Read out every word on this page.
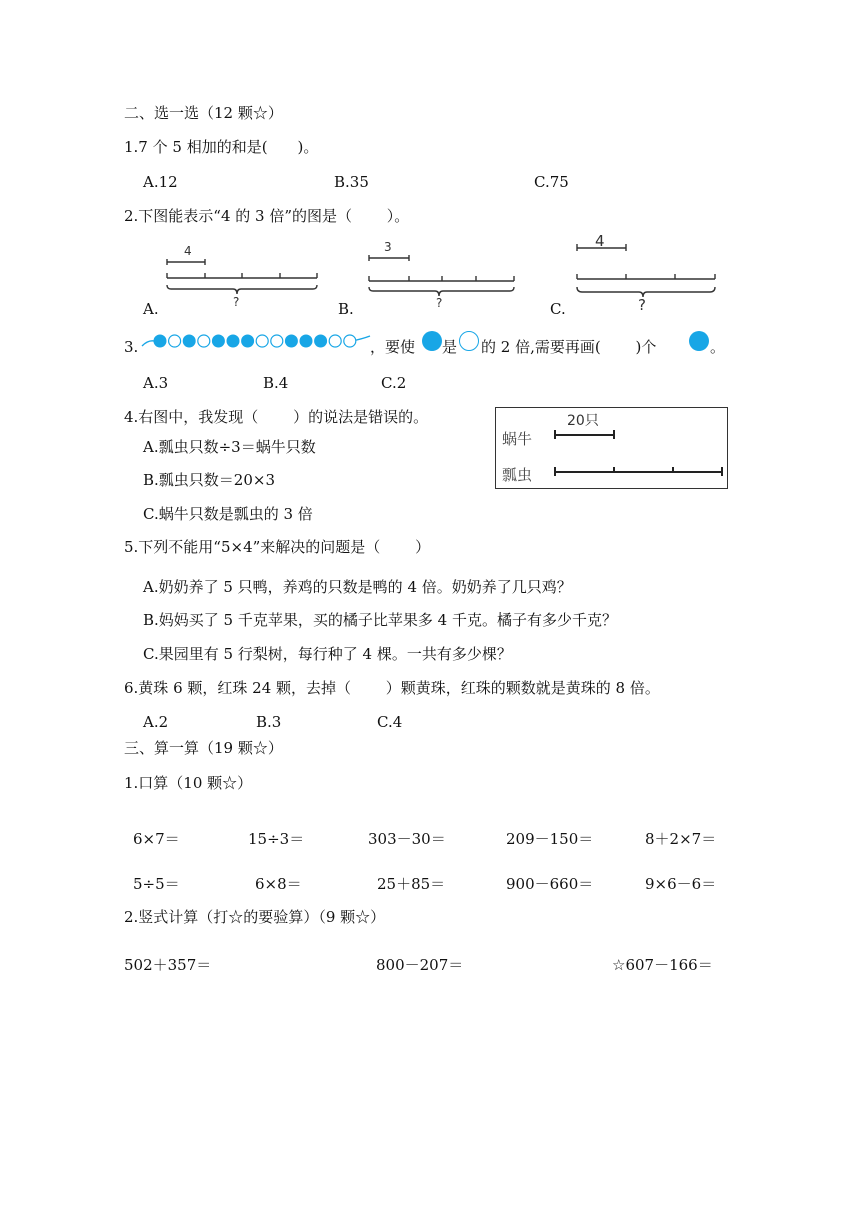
二、选一选（12 颗☆）
1.7 个 5 相加的和是(　　)。
A.12	B.35	C.75
2.下图能表示“4 的 3 倍”的图是（　　 ）。
4
?
3
?
4
?
A.	B.	C.
3.	，要使 是 的 2 倍,需要再画(　　 )个	。
A.3	B.4	C.2
4.右图中，我发现（　　 ）的说法是错误的。
A.瓢虫只数÷3＝蜗牛只数
B.瓢虫只数＝20×3
C.蜗牛只数是瓢虫的 3 倍
蜗牛
瓢虫
20只
5.下列不能用“5×4”来解决的问题是（　　 ）
A.奶奶养了 5 只鸭，养鸡的只数是鸭的 4 倍。奶奶养了几只鸡？
B.妈妈买了 5 千克苹果，买的橘子比苹果多 4 千克。橘子有多少千克？
C.果园里有 5 行梨树，每行种了 4 棵。一共有多少棵？
6.黄珠 6 颗，红珠 24 颗，去掉（　　 ）颗黄珠，红珠的颗数就是黄珠的 8 倍。
A.2	B.3	C.4
三、算一算（19 颗☆）
1.口算（10 颗☆）
6×7＝	15÷3＝	303－30＝	209－150＝	8＋2×7＝
5÷5＝	6×8＝	25＋85＝	900－660＝	9×6－6＝
2.竖式计算（打☆的要验算）（9 颗☆）
502＋357＝	800－207＝	☆607－166＝
